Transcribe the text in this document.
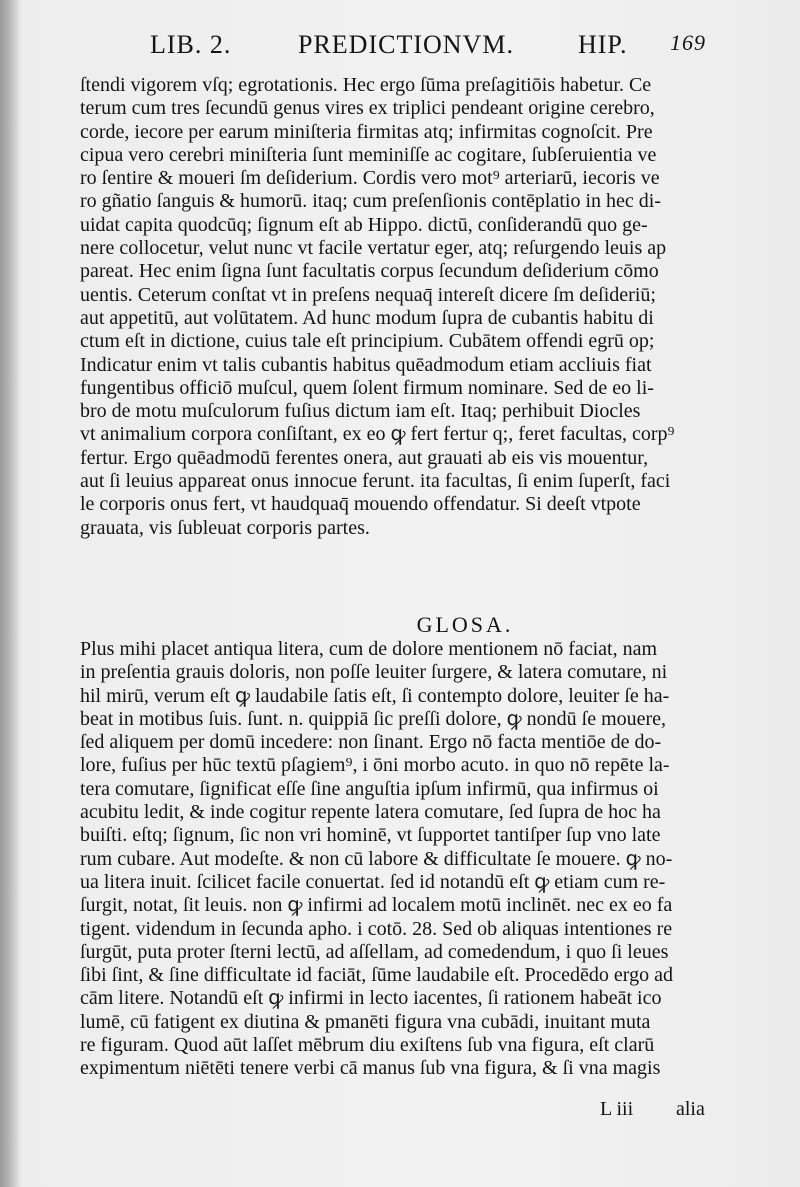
LIB. 2.	PREDICTIONVM. HIP. 169
ſtendi vigorem vſq; egrotationis. Hec ergo ſūma preſagitiōis habetur. Ce
terum cum tres ſecundū genus vires ex triplici pendeant origine cerebro,
corde, iecore per earum miniſteria firmitas atq; infirmitas cognoſcit. Pre
cipua vero cerebri miniſteria ſunt meminiſſe ac cogitare, ſubſeruientia ve
ro ſentire & moueri ſm deſiderium. Cordis vero mot⁹ arteriarū, iecoris ve
ro gñatio ſanguis & humorū. itaq; cum preſenſionis contēplatio in hec di-
uidat capita quodcūq; ſignum eſt ab Hippo. dictū, conſiderandū quo ge-
nere collocetur, velut nunc vt facile vertatur eger, atq; reſurgendo leuis ap
pareat. Hec enim ſigna ſunt facultatis corpus ſecundum deſiderium cōmo
uentis. Ceterum conſtat vt in preſens nequaq̄ intereſt dicere ſm deſideriū;
aut appetitū, aut volūtatem. Ad hunc modum ſupra de cubantis habitu di
ctum eſt in dictione, cuius tale eſt principium. Cubātem offendi egrū op;
Indicatur enim vt talis cubantis habitus quēadmodum etiam accliuis fiat
fungentibus officiō muſcul, quem ſolent firmum nominare. Sed de eo li-
bro de motu muſculorum fuſius dictum iam eſt. Itaq; perhibuit Diocles
vt animalium corpora conſiſtant, ex eo ꝙ fert fertur q;, feret facultas, corp⁹
fertur. Ergo quēadmodū ferentes onera, aut grauati ab eis vis mouentur,
aut ſi leuius appareat onus innocue ferunt. ita facultas, ſi enim ſuperſt, faci
le corporis onus fert, vt haudquaq̄ mouendo offendatur. Si deeſt vtpote
grauata, vis ſubleuat corporis partes.
GLOSA.
Plus mihi placet antiqua litera, cum de dolore mentionem nō faciat, nam
in preſentia grauis doloris, non poſſe leuiter ſurgere, & latera comutare, ni
hil mirū, verum eſt ꝙ laudabile ſatis eſt, ſi contempto dolore, leuiter ſe ha-
beat in motibus ſuis. ſunt. n. quippiā ſic preſſi dolore, ꝙ nondū ſe mouere,
ſed aliquem per domū incedere: non ſinant. Ergo nō facta mentiōe de do-
lore, fuſius per hūc textū pſagiem⁹, i ōni morbo acuto. in quo nō repēte la-
tera comutare, ſignificat eſſe ſine anguſtia ipſum infirmū, qua infirmus oi
acubitu ledit, & inde cogitur repente latera comutare, ſed ſupra de hoc ha
buiſti. eſtq; ſignum, ſic non vri hominē, vt ſupportet tantiſper ſup vno late
rum cubare. Aut modeſte. & non cū labore & difficultate ſe mouere. ꝙ no-
ua litera inuit. ſcilicet facile conuertat. ſed id notandū eſt ꝙ etiam cum re-
ſurgit, notat, ſit leuis. non ꝙ infirmi ad localem motū inclinēt. nec ex eo fa
tigent. videndum in ſecunda apho. i cotō. 28. Sed ob aliquas intentiones re
ſurgūt, puta proter ſterni lectū, ad aſſellam, ad comedendum, i quo ſi leues
ſibi ſint, & ſine difficultate id faciāt, ſūme laudabile eſt. Procedēdo ergo ad
cām litere. Notandū eſt ꝙ infirmi in lecto iacentes, ſi rationem habeāt ico
lumē, cū fatigent ex diutina & pmanēti figura vna cubādi, inuitant muta
re figuram. Quod aūt laſſet mēbrum diu exiſtens ſub vna figura, eſt clarū
expimentum niētēti tenere verbi cā manus ſub vna figura, & ſi vna magis
L iii alia
